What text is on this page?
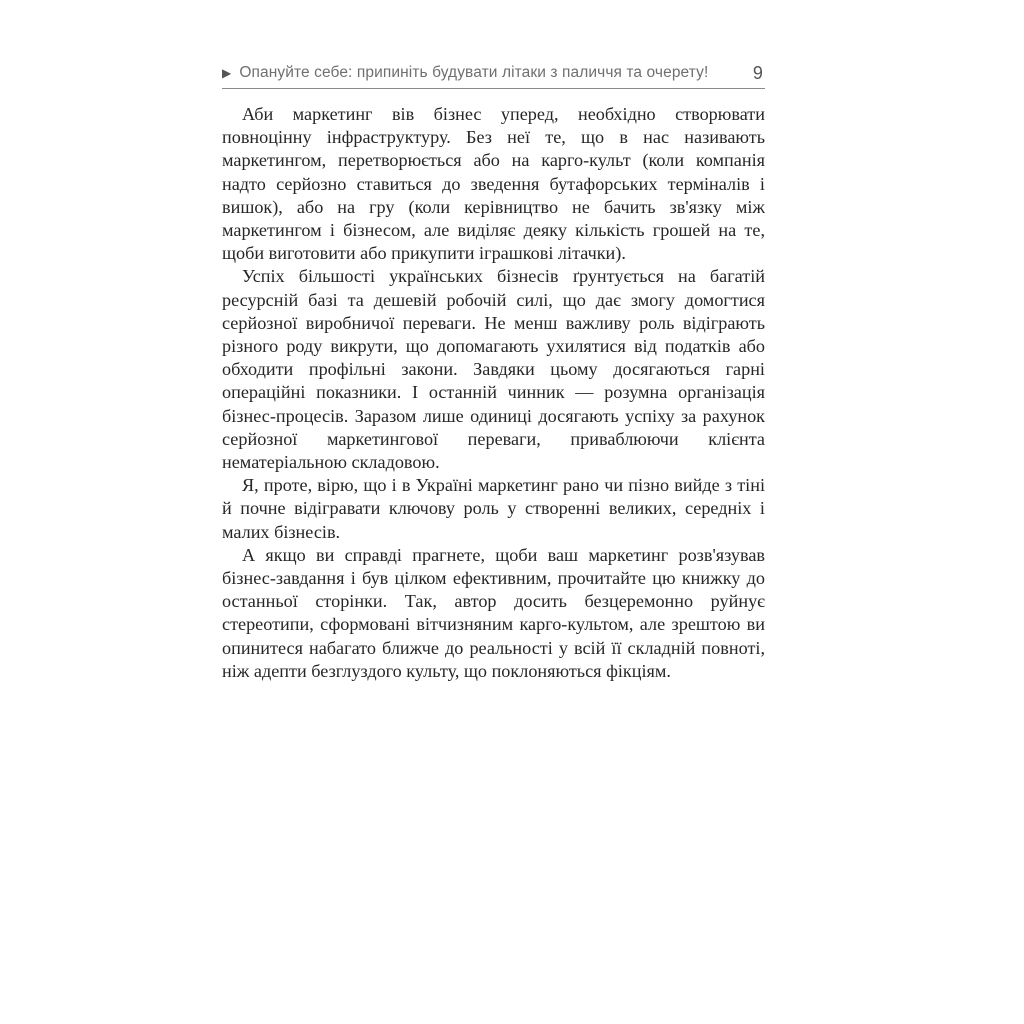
▶ Опануйте себе: припиніть будувати літаки з паличчя та очерету!	9

Аби маркетинг вів бізнес уперед, необхідно створювати повноцінну інфраструктуру. Без неї те, що в нас називають маркетингом, перетворюється або на карго-культ (коли компанія надто серйозно ставиться до зведення бутафорських терміналів і вишок), або на гру (коли керівництво не бачить зв'язку між маркетингом і бізнесом, але виділяє деяку кількість грошей на те, щоби виготовити або прикупити іграшкові літачки).

Успіх більшості українських бізнесів ґрунтується на багатій ресурсній базі та дешевій робочій силі, що дає змогу домогтися серйозної виробничої переваги. Не менш важливу роль відіграють різного роду викрути, що допомагають ухилятися від податків або обходити профільні закони. Завдяки цьому досягаються гарні операційні показники. І останній чинник — розумна організація бізнес-процесів. Заразом лише одиниці досягають успіху за рахунок серйозної маркетингової переваги, приваблюючи клієнта нематеріальною складовою.

Я, проте, вірю, що і в Україні маркетинг рано чи пізно вийде з тіні й почне відігравати ключову роль у створенні великих, середніх і малих бізнесів.

А якщо ви справді прагнете, щоби ваш маркетинг розв'язував бізнес-завдання і був цілком ефективним, прочитайте цю книжку до останньої сторінки. Так, автор досить безцеремонно руйнує стереотипи, сформовані вітчизняним карго-культом, але зрештою ви опинитеся набагато ближче до реальності у всій її складній повноті, ніж адепти безглуздого культу, що поклоняються фікціям.
